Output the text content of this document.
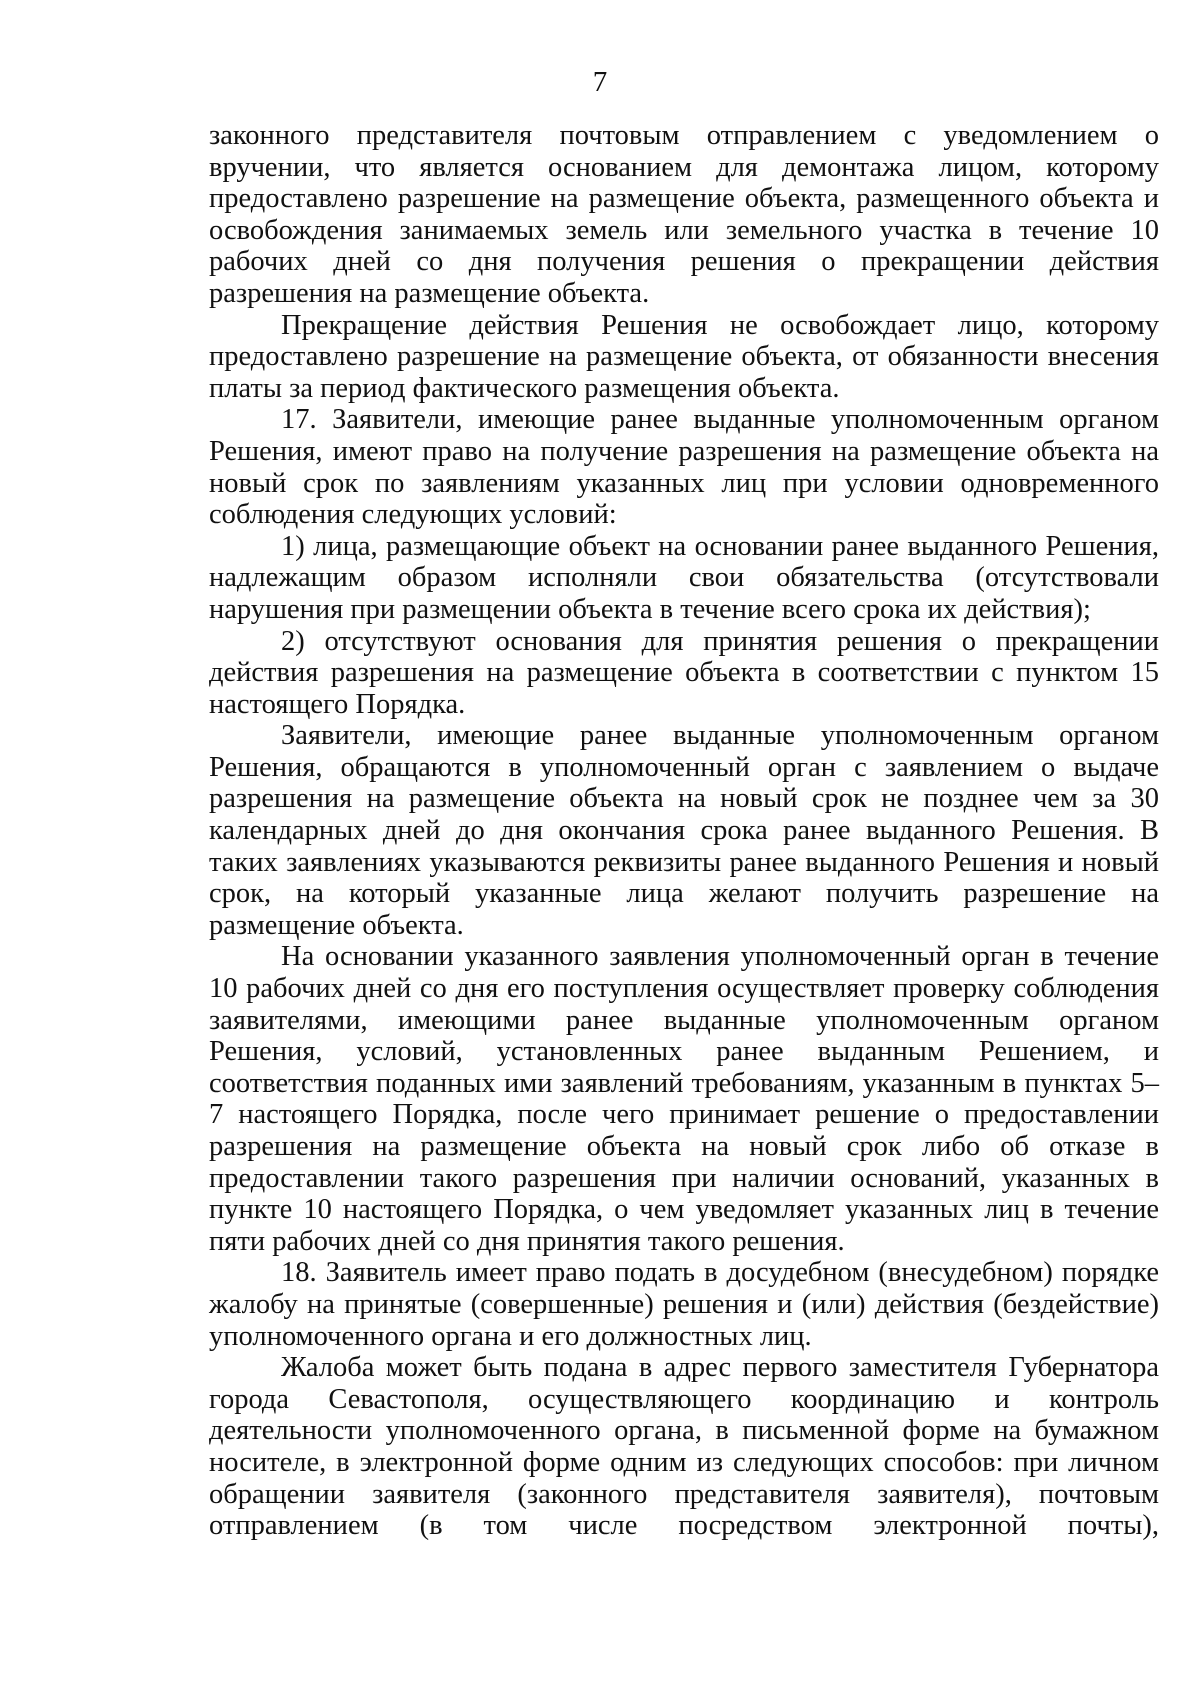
7

законного представителя почтовым отправлением с уведомлением о вручении, что является основанием для демонтажа лицом, которому предоставлено разрешение на размещение объекта, размещенного объекта и освобождения занимаемых земель или земельного участка в течение 10 рабочих дней со дня получения решения о прекращении действия разрешения на размещение объекта.

Прекращение действия Решения не освобождает лицо, которому предоставлено разрешение на размещение объекта, от обязанности внесения платы за период фактического размещения объекта.

17. Заявители, имеющие ранее выданные уполномоченным органом Решения, имеют право на получение разрешения на размещение объекта на новый срок по заявлениям указанных лиц при условии одновременного соблюдения следующих условий:

1) лица, размещающие объект на основании ранее выданного Решения, надлежащим образом исполняли свои обязательства (отсутствовали нарушения при размещении объекта в течение всего срока их действия);

2) отсутствуют основания для принятия решения о прекращении действия разрешения на размещение объекта в соответствии с пунктом 15 настоящего Порядка.

Заявители, имеющие ранее выданные уполномоченным органом Решения, обращаются в уполномоченный орган с заявлением о выдаче разрешения на размещение объекта на новый срок не позднее чем за 30 календарных дней до дня окончания срока ранее выданного Решения. В таких заявлениях указываются реквизиты ранее выданного Решения и новый срок, на который указанные лица желают получить разрешение на размещение объекта.

На основании указанного заявления уполномоченный орган в течение 10 рабочих дней со дня его поступления осуществляет проверку соблюдения заявителями, имеющими ранее выданные уполномоченным органом Решения, условий, установленных ранее выданным Решением, и соответствия поданных ими заявлений требованиям, указанным в пунктах 5–7 настоящего Порядка, после чего принимает решение о предоставлении разрешения на размещение объекта на новый срок либо об отказе в предоставлении такого разрешения при наличии оснований, указанных в пункте 10 настоящего Порядка, о чем уведомляет указанных лиц в течение пяти рабочих дней со дня принятия такого решения.

18. Заявитель имеет право подать в досудебном (внесудебном) порядке жалобу на принятые (совершенные) решения и (или) действия (бездействие) уполномоченного органа и его должностных лиц.

Жалоба может быть подана в адрес первого заместителя Губернатора города Севастополя, осуществляющего координацию и контроль деятельности уполномоченного органа, в письменной форме на бумажном носителе, в электронной форме одним из следующих способов: при личном обращении заявителя (законного представителя заявителя), почтовым отправлением (в том числе посредством электронной почты),
